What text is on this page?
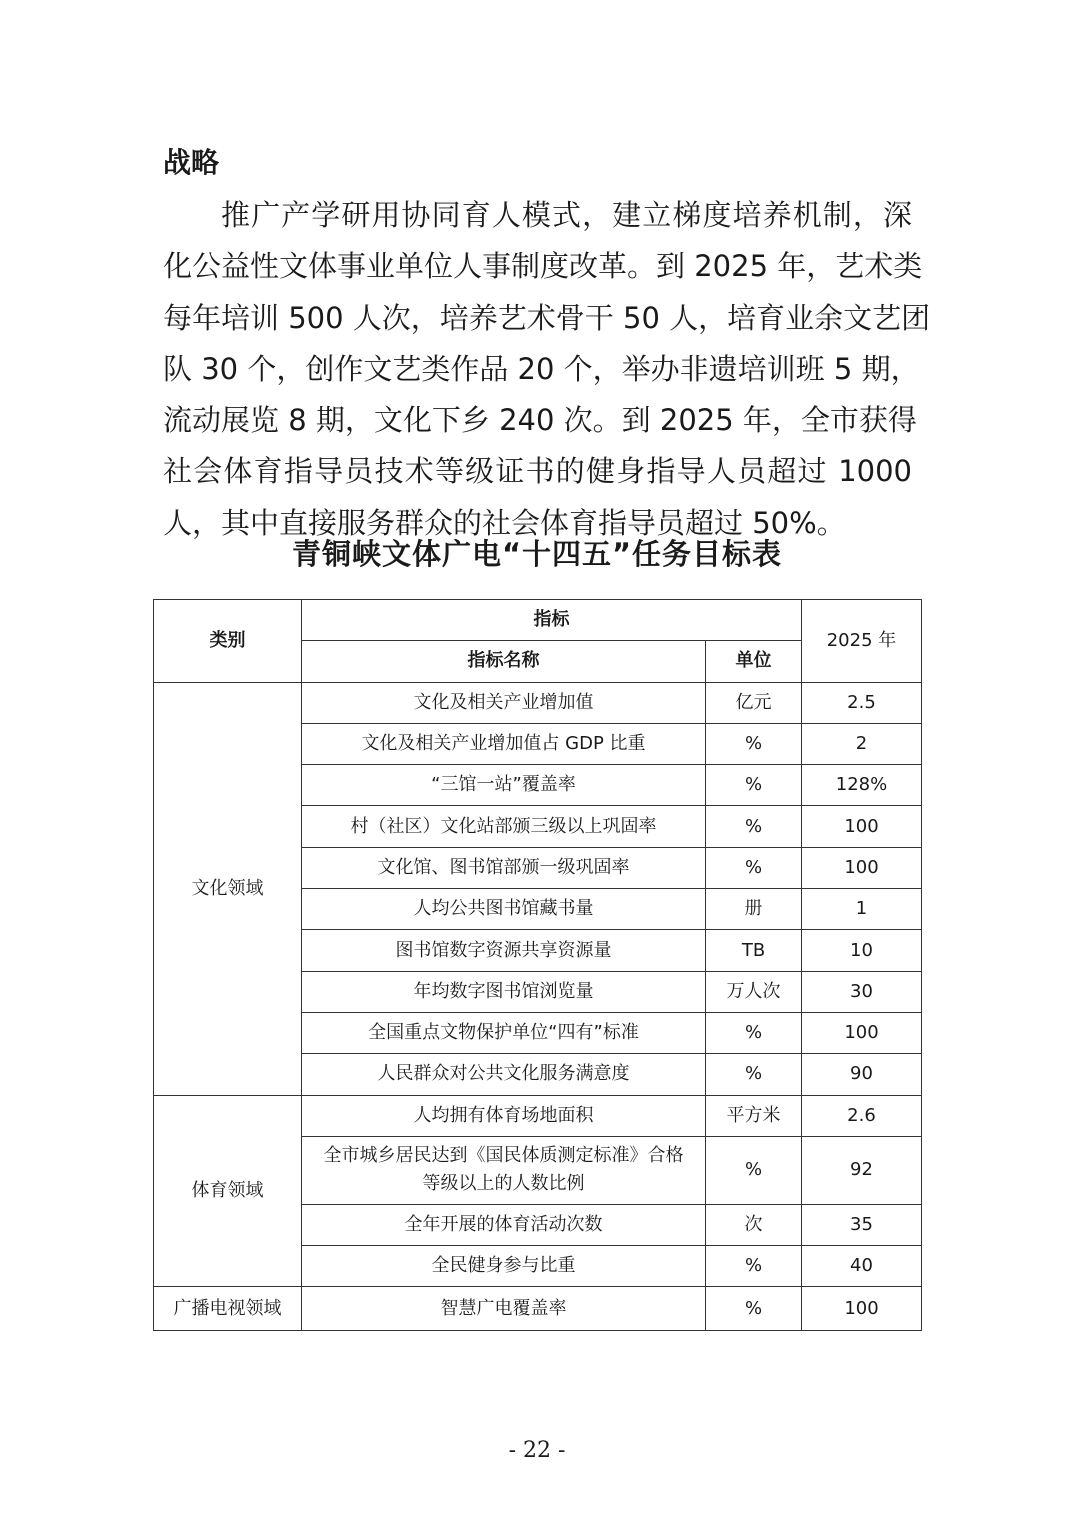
战略
推广产学研用协同育人模式，建立梯度培养机制，深
化公益性文体事业单位人事制度改革。到 2025 年，艺术类
每年培训 500 人次，培养艺术骨干 50 人，培育业余文艺团
队 30 个，创作文艺类作品 20 个，举办非遗培训班 5 期，
流动展览 8 期，文化下乡 240 次。到 2025 年，全市获得
社会体育指导员技术等级证书的健身指导人员超过 1000
人，其中直接服务群众的社会体育指导员超过 50%。
青铜峡文体广电“十四五”任务目标表
类别	指标		2025 年
	指标名称	单位	
文化领域	文化及相关产业增加值	亿元	2.5
	文化及相关产业增加值占 GDP 比重	%	2
	“三馆一站”覆盖率	%	128%
	村（社区）文化站部颁三级以上巩固率	%	100
	文化馆、图书馆部颁一级巩固率	%	100
	人均公共图书馆藏书量	册	1
	图书馆数字资源共享资源量	TB	10
	年均数字图书馆浏览量	万人次	30
	全国重点文物保护单位“四有”标准	%	100
	人民群众对公共文化服务满意度	%	90
体育领域	人均拥有体育场地面积	平方米	2.6
	全市城乡居民达到《国民体质测定标准》合格等级以上的人数比例	%	92
	全年开展的体育活动次数	次	35
	全民健身参与比重	%	40
广播电视领域	智慧广电覆盖率	%	100
- 22 -
